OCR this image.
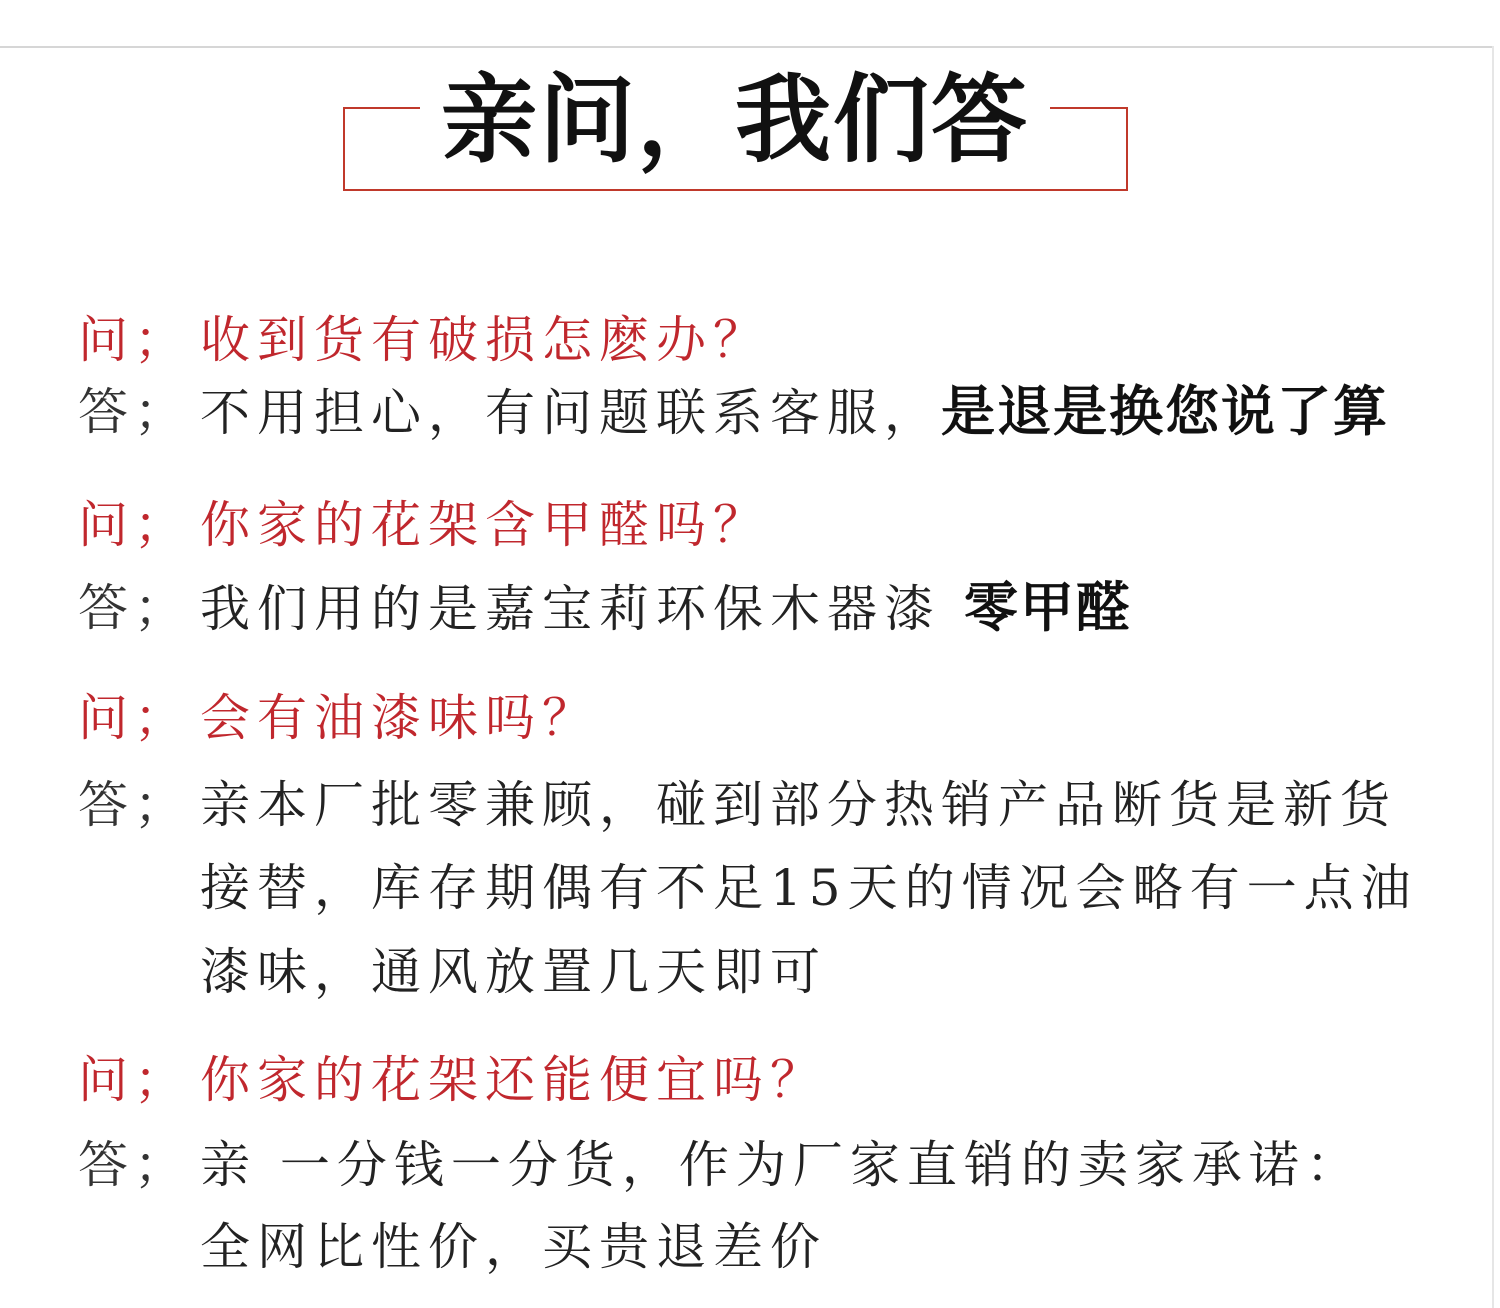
亲问，我们答
问； 收到货有破损怎麽办？
答； 不用担心，有问题联系客服，是退是换您说了算
问； 你家的花架含甲醛吗？
答； 我们用的是嘉宝莉环保木器漆 零甲醛
问； 会有油漆味吗？
答； 亲本厂批零兼顾，碰到部分热销产品断货是新货
接替，库存期偶有不足15天的情况会略有一点油
漆味，通风放置几天即可
问； 你家的花架还能便宜吗？
答； 亲 一分钱一分货，作为厂家直销的卖家承诺：
全网比性价，买贵退差价
